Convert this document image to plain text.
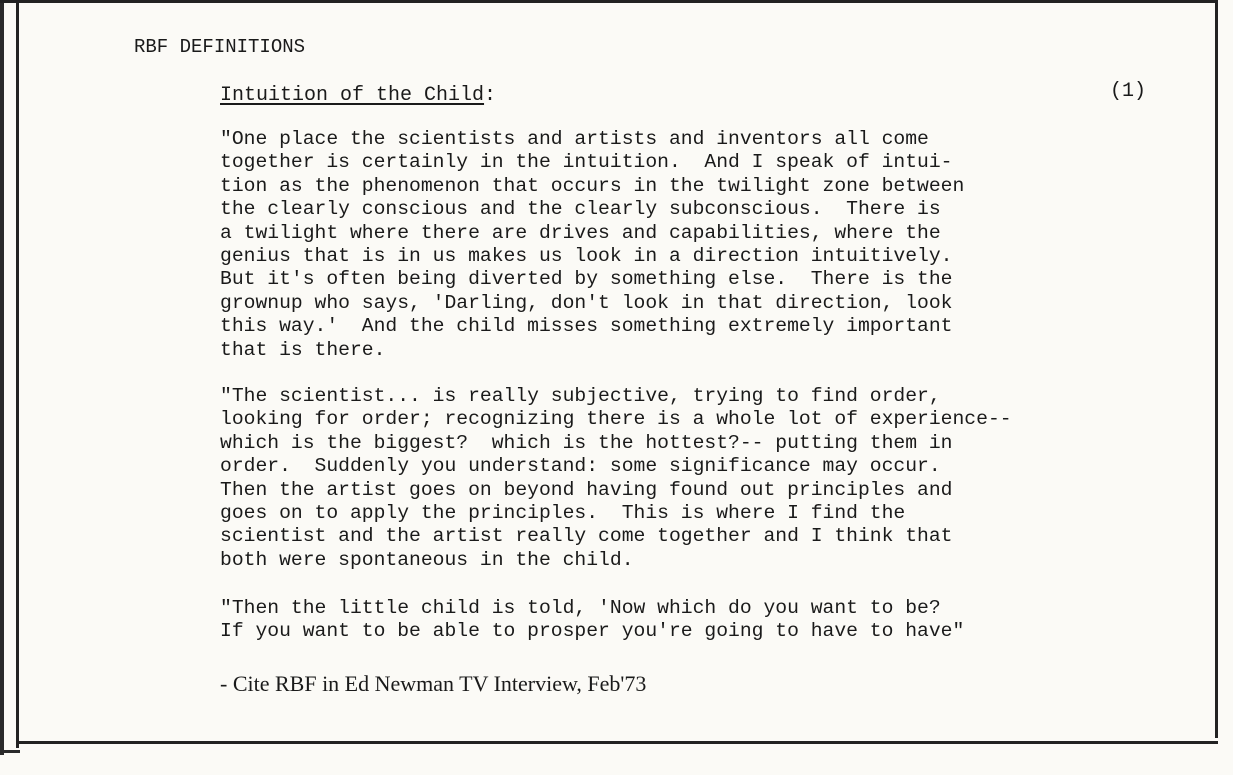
RBF DEFINITIONS
Intuition of the Child:	(1)

"One place the scientists and artists and inventors all come
together is certainly in the intuition.  And I speak of intui-
tion as the phenomenon that occurs in the twilight zone between
the clearly conscious and the clearly subconscious.  There is
a twilight where there are drives and capabilities, where the
genius that is in us makes us look in a direction intuitively.
But it's often being diverted by something else.  There is the
grownup who says, 'Darling, don't look in that direction, look
this way.'  And the child misses something extremely important
that is there.

"The scientist... is really subjective, trying to find order,
looking for order; recognizing there is a whole lot of experience--
which is the biggest?  which is the hottest?-- putting them in
order.  Suddenly you understand: some significance may occur.
Then the artist goes on beyond having found out principles and
goes on to apply the principles.  This is where I find the
scientist and the artist really come together and I think that
both were spontaneous in the child.

"Then the little child is told, 'Now which do you want to be?
If you want to be able to prosper you're going to have to have"

- Cite RBF in Ed Newman TV Interview, Feb'73
